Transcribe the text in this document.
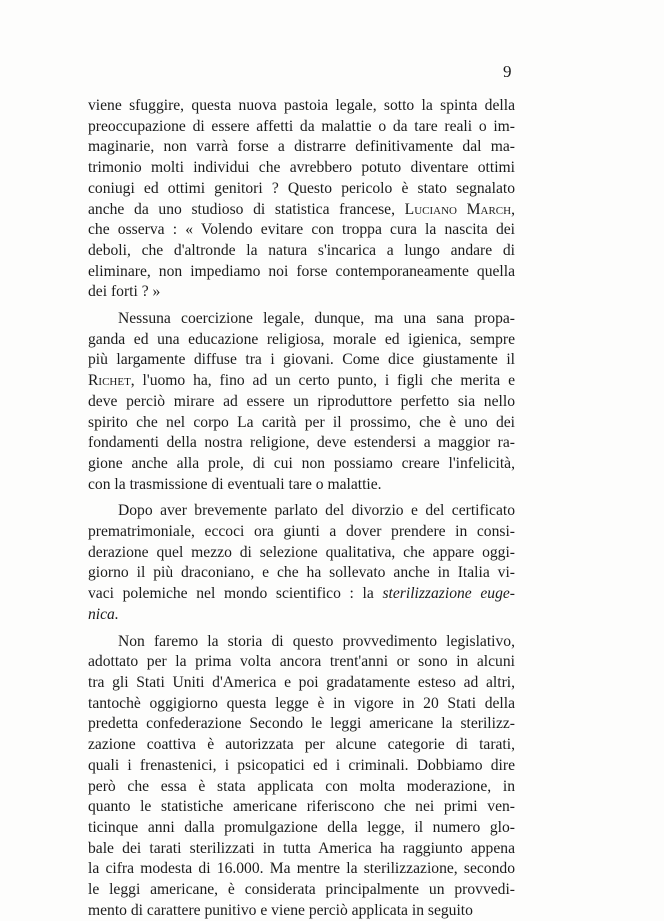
9
viene sfuggire, questa nuova pastoia legale, sotto la spinta della
preoccupazione di essere affetti da malattie o da tare reali o im-
maginarie, non varrà forse a distrarre definitivamente dal ma-
trimonio molti individui che avrebbero potuto diventare ottimi
coniugi ed ottimi genitori ? Questo pericolo è stato segnalato
anche da uno studioso di statistica francese, Luciano March,
che osserva : « Volendo evitare con troppa cura la nascita dei
deboli, che d'altronde la natura s'incarica a lungo andare di
eliminare, non impediamo noi forse contemporaneamente quella
dei forti ? »
Nessuna coercizione legale, dunque, ma una sana propa-
ganda ed una educazione religiosa, morale ed igienica, sempre
più largamente diffuse tra i giovani. Come dice giustamente il
Richet, l'uomo ha, fino ad un certo punto, i figli che merita e
deve perciò mirare ad essere un riproduttore perfetto sia nello
spirito che nel corpo La carità per il prossimo, che è uno dei
fondamenti della nostra religione, deve estendersi a maggior ra-
gione anche alla prole, di cui non possiamo creare l'infelicità,
con la trasmissione di eventuali tare o malattie.
Dopo aver brevemente parlato del divorzio e del certificato
prematrimoniale, eccoci ora giunti a dover prendere in consi-
derazione quel mezzo di selezione qualitativa, che appare oggi-
giorno il più draconiano, e che ha sollevato anche in Italia vi-
vaci polemiche nel mondo scientifico : la sterilizzazione euge-
nica.
Non faremo la storia di questo provvedimento legislativo,
adottato per la prima volta ancora trent'anni or sono in alcuni
tra gli Stati Uniti d'America e poi gradatamente esteso ad altri,
tantochè oggigiorno questa legge è in vigore in 20 Stati della
predetta confederazione Secondo le leggi americane la sterilizz-
zazione coattiva è autorizzata per alcune categorie di tarati,
quali i frenastenici, i psicopatici ed i criminali. Dobbiamo dire
però che essa è stata applicata con molta moderazione, in
quanto le statistiche americane riferiscono che nei primi ven-
ticinque anni dalla promulgazione della legge, il numero glo-
bale dei tarati sterilizzati in tutta America ha raggiunto appena
la cifra modesta di 16.000. Ma mentre la sterilizzazione, secondo
le leggi americane, è considerata principalmente un provvedi-
mento di carattere punitivo e viene perciò applicata in seguito
